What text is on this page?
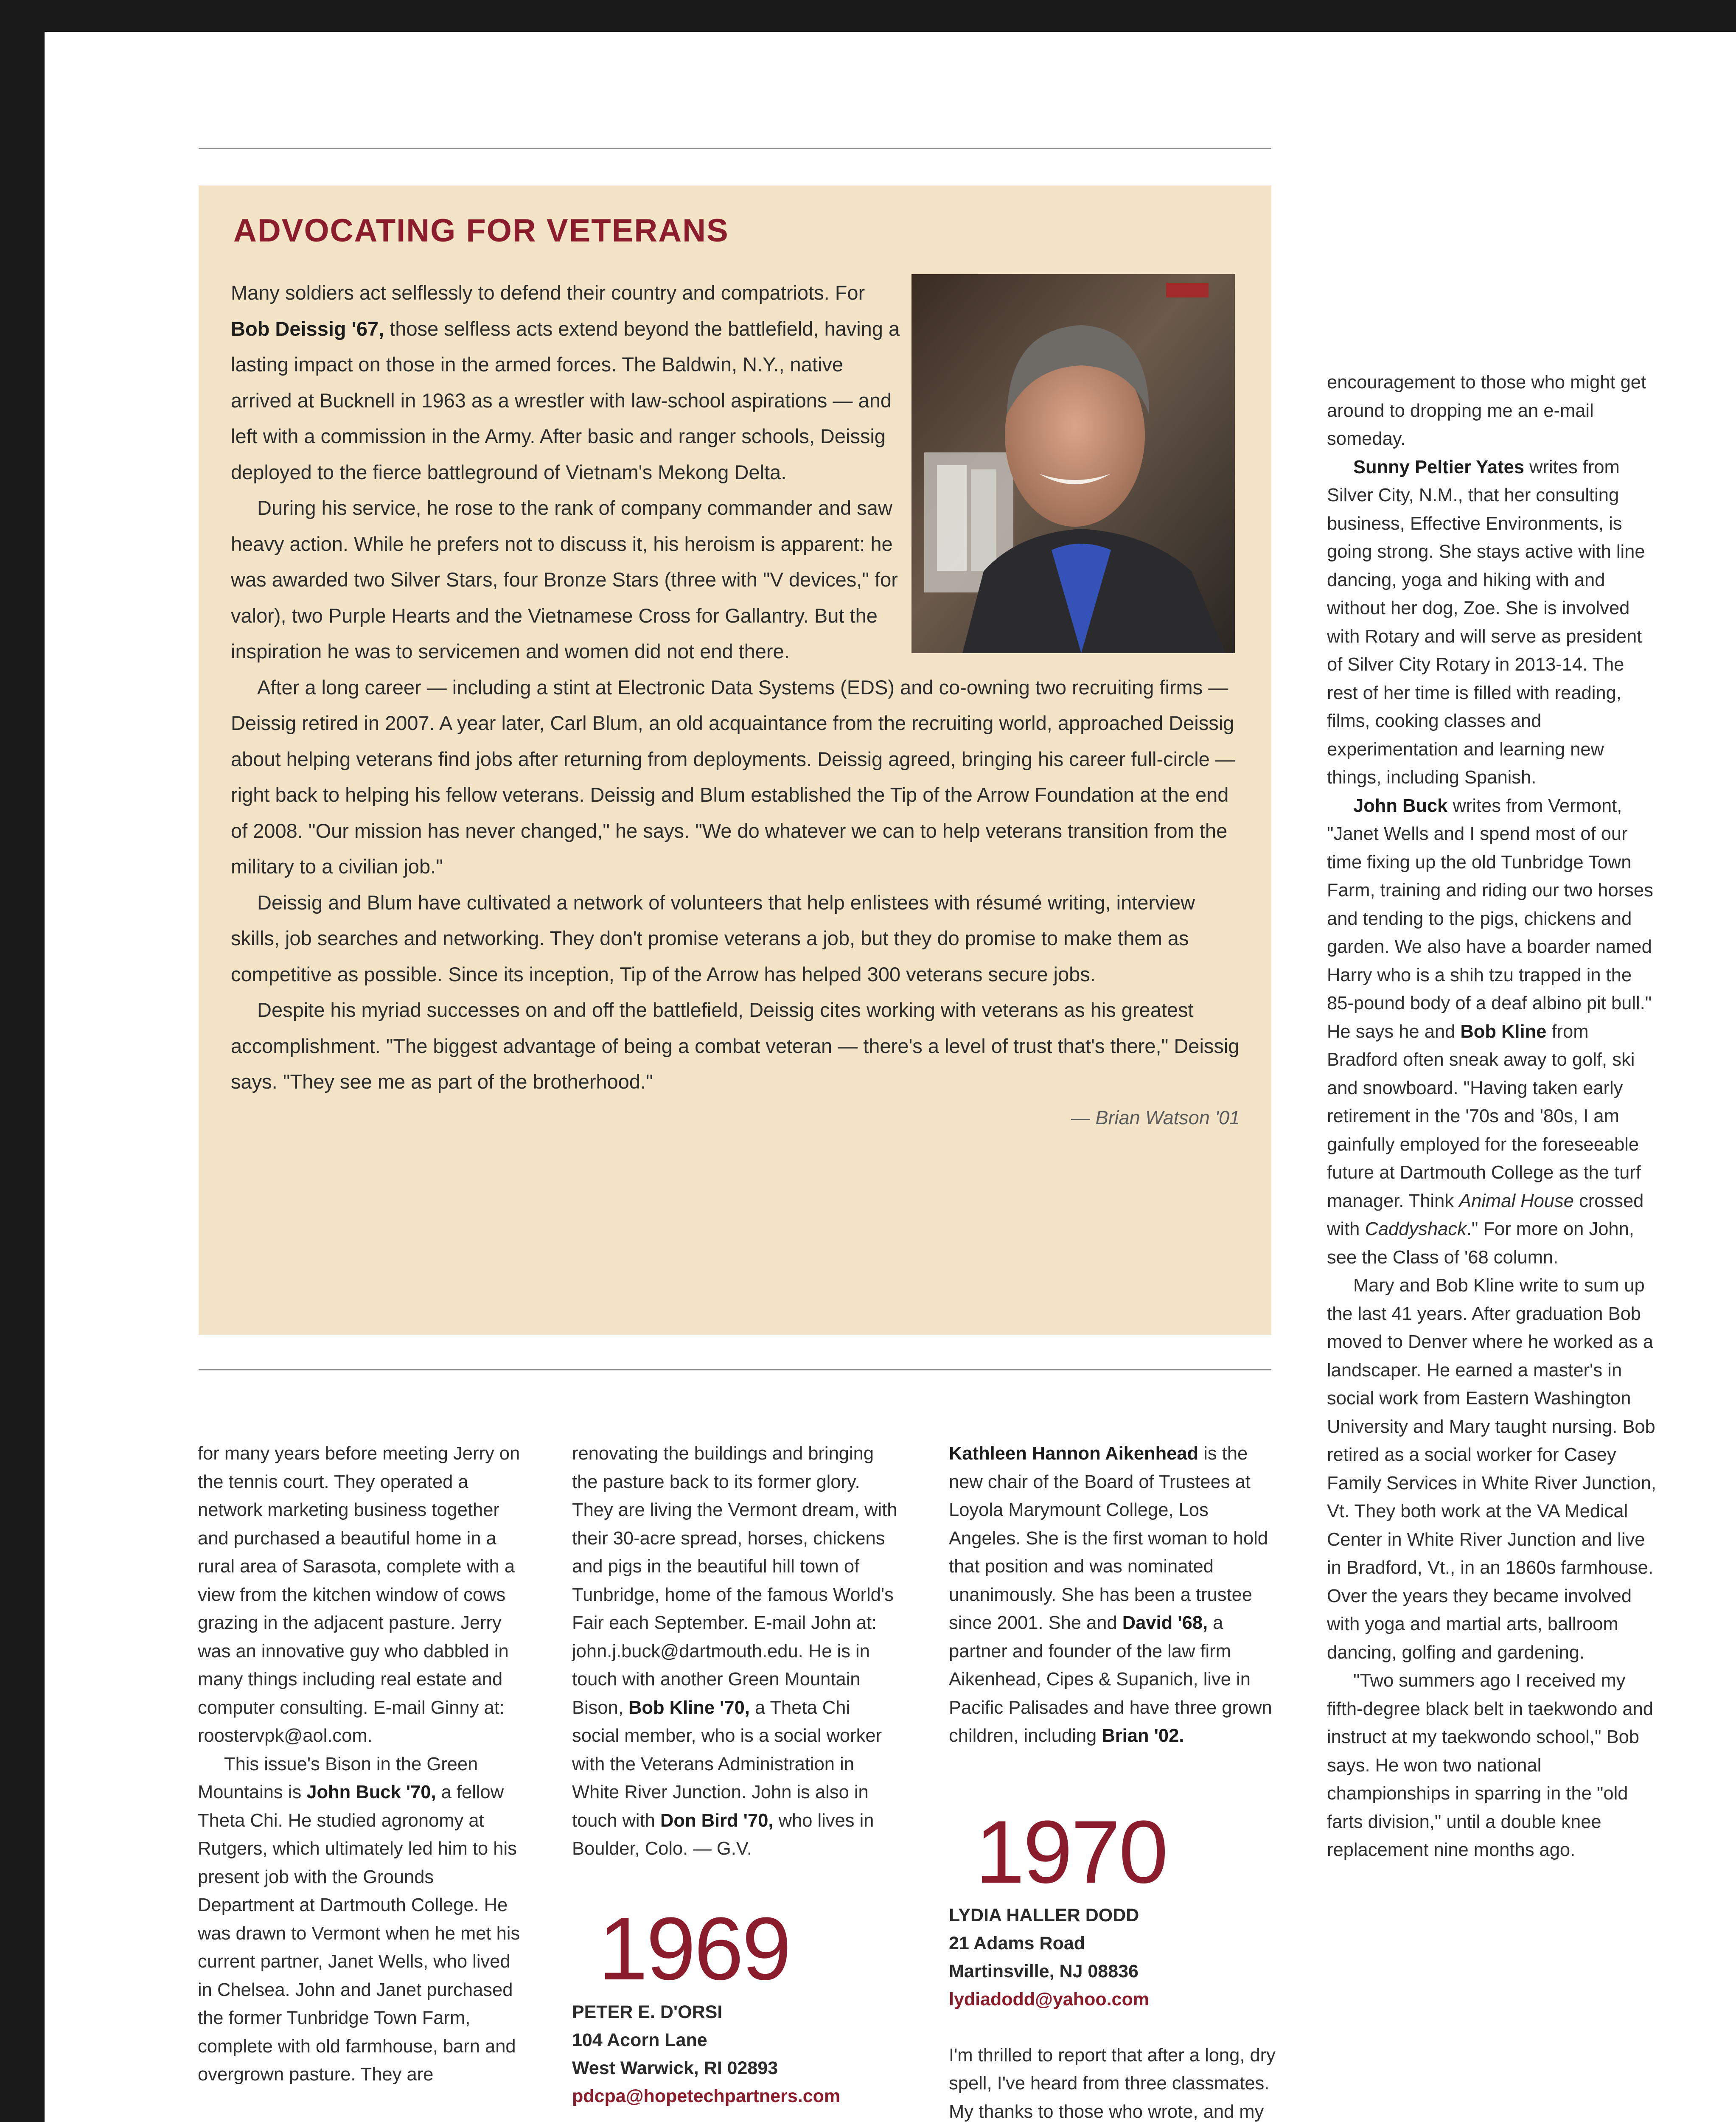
ADVOCATING FOR VETERANS

Many soldiers act selflessly to defend their country and compatriots. For Bob Deissig '67, those selfless acts extend beyond the battlefield, having a lasting impact on those in the armed forces. The Baldwin, N.Y., native arrived at Bucknell in 1963 as a wrestler with law-school aspirations — and left with a commission in the Army. After basic and ranger schools, Deissig deployed to the fierce battleground of Vietnam's Mekong Delta.

During his service, he rose to the rank of company commander and saw heavy action. While he prefers not to discuss it, his heroism is apparent: he was awarded two Silver Stars, four Bronze Stars (three with "V devices," for valor), two Purple Hearts and the Vietnamese Cross for Gallantry. But the inspiration he was to servicemen and women did not end there.

After a long career — including a stint at Electronic Data Systems (EDS) and co-owning two recruiting firms — Deissig retired in 2007. A year later, Carl Blum, an old acquaintance from the recruiting world, approached Deissig about helping veterans find jobs after returning from deployments. Deissig agreed, bringing his career full-circle — right back to helping his fellow veterans. Deissig and Blum established the Tip of the Arrow Foundation at the end of 2008. "Our mission has never changed," he says. "We do whatever we can to help veterans transition from the military to a civilian job."

Deissig and Blum have cultivated a network of volunteers that help enlistees with résumé writing, interview skills, job searches and networking. They don't promise veterans a job, but they do promise to make them as competitive as possible. Since its inception, Tip of the Arrow has helped 300 veterans secure jobs.

Despite his myriad successes on and off the battlefield, Deissig cites working with veterans as his greatest accomplishment. "The biggest advantage of being a combat veteran — there's a level of trust that's there," Deissig says. "They see me as part of the brotherhood."

— Brian Watson '01

for many years before meeting Jerry on the tennis court. They operated a network marketing business together and purchased a beautiful home in a rural area of Sarasota, complete with a view from the kitchen window of cows grazing in the adjacent pasture. Jerry was an innovative guy who dabbled in many things including real estate and computer consulting. E-mail Ginny at: roostervpk@aol.com.

This issue's Bison in the Green Mountains is John Buck '70, a fellow Theta Chi. He studied agronomy at Rutgers, which ultimately led him to his present job with the Grounds Department at Dartmouth College. He was drawn to Vermont when he met his current partner, Janet Wells, who lived in Chelsea. John and Janet purchased the former Tunbridge Town Farm, complete with old farmhouse, barn and overgrown pasture. They are

renovating the buildings and bringing the pasture back to its former glory. They are living the Vermont dream, with their 30-acre spread, horses, chickens and pigs in the beautiful hill town of Tunbridge, home of the famous World's Fair each September. E-mail John at: john.j.buck@dartmouth.edu. He is in touch with another Green Mountain Bison, Bob Kline '70, a Theta Chi social member, who is a social worker with the Veterans Administration in White River Junction. John is also in touch with Don Bird '70, who lives in Boulder, Colo. — G.V.

1969

PETER E. D'ORSI
104 Acorn Lane
West Warwick, RI 02893
pdcpa@hopetechpartners.com

Kathleen Hannon Aikenhead is the new chair of the Board of Trustees at Loyola Marymount College, Los Angeles. She is the first woman to hold that position and was nominated unanimously. She has been a trustee since 2001. She and David '68, a partner and founder of the law firm Aikenhead, Cipes & Supanich, live in Pacific Palisades and have three grown children, including Brian '02.

1970

LYDIA HALLER DODD
21 Adams Road
Martinsville, NJ 08836
lydiadodd@yahoo.com

I'm thrilled to report that after a long, dry spell, I've heard from three classmates. My thanks to those who wrote, and my

encouragement to those who might get around to dropping me an e-mail someday.

Sunny Peltier Yates writes from Silver City, N.M., that her consulting business, Effective Environments, is going strong. She stays active with line dancing, yoga and hiking with and without her dog, Zoe. She is involved with Rotary and will serve as president of Silver City Rotary in 2013-14. The rest of her time is filled with reading, films, cooking classes and experimentation and learning new things, including Spanish.

John Buck writes from Vermont, "Janet Wells and I spend most of our time fixing up the old Tunbridge Town Farm, training and riding our two horses and tending to the pigs, chickens and garden. We also have a boarder named Harry who is a shih tzu trapped in the 85-pound body of a deaf albino pit bull." He says he and Bob Kline from Bradford often sneak away to golf, ski and snowboard. "Having taken early retirement in the '70s and '80s, I am gainfully employed for the foreseeable future at Dartmouth College as the turf manager. Think Animal House crossed with Caddyshack." For more on John, see the Class of '68 column.

Mary and Bob Kline write to sum up the last 41 years. After graduation Bob moved to Denver where he worked as a landscaper. He earned a master's in social work from Eastern Washington University and Mary taught nursing. Bob retired as a social worker for Casey Family Services in White River Junction, Vt. They both work at the VA Medical Center in White River Junction and live in Bradford, Vt., in an 1860s farmhouse. Over the years they became involved with yoga and martial arts, ballroom dancing, golfing and gardening.

"Two summers ago I received my fifth-degree black belt in taekwondo and instruct at my taekwondo school," Bob says. He won two national championships in sparring in the "old farts division," until a double knee replacement nine months ago.
